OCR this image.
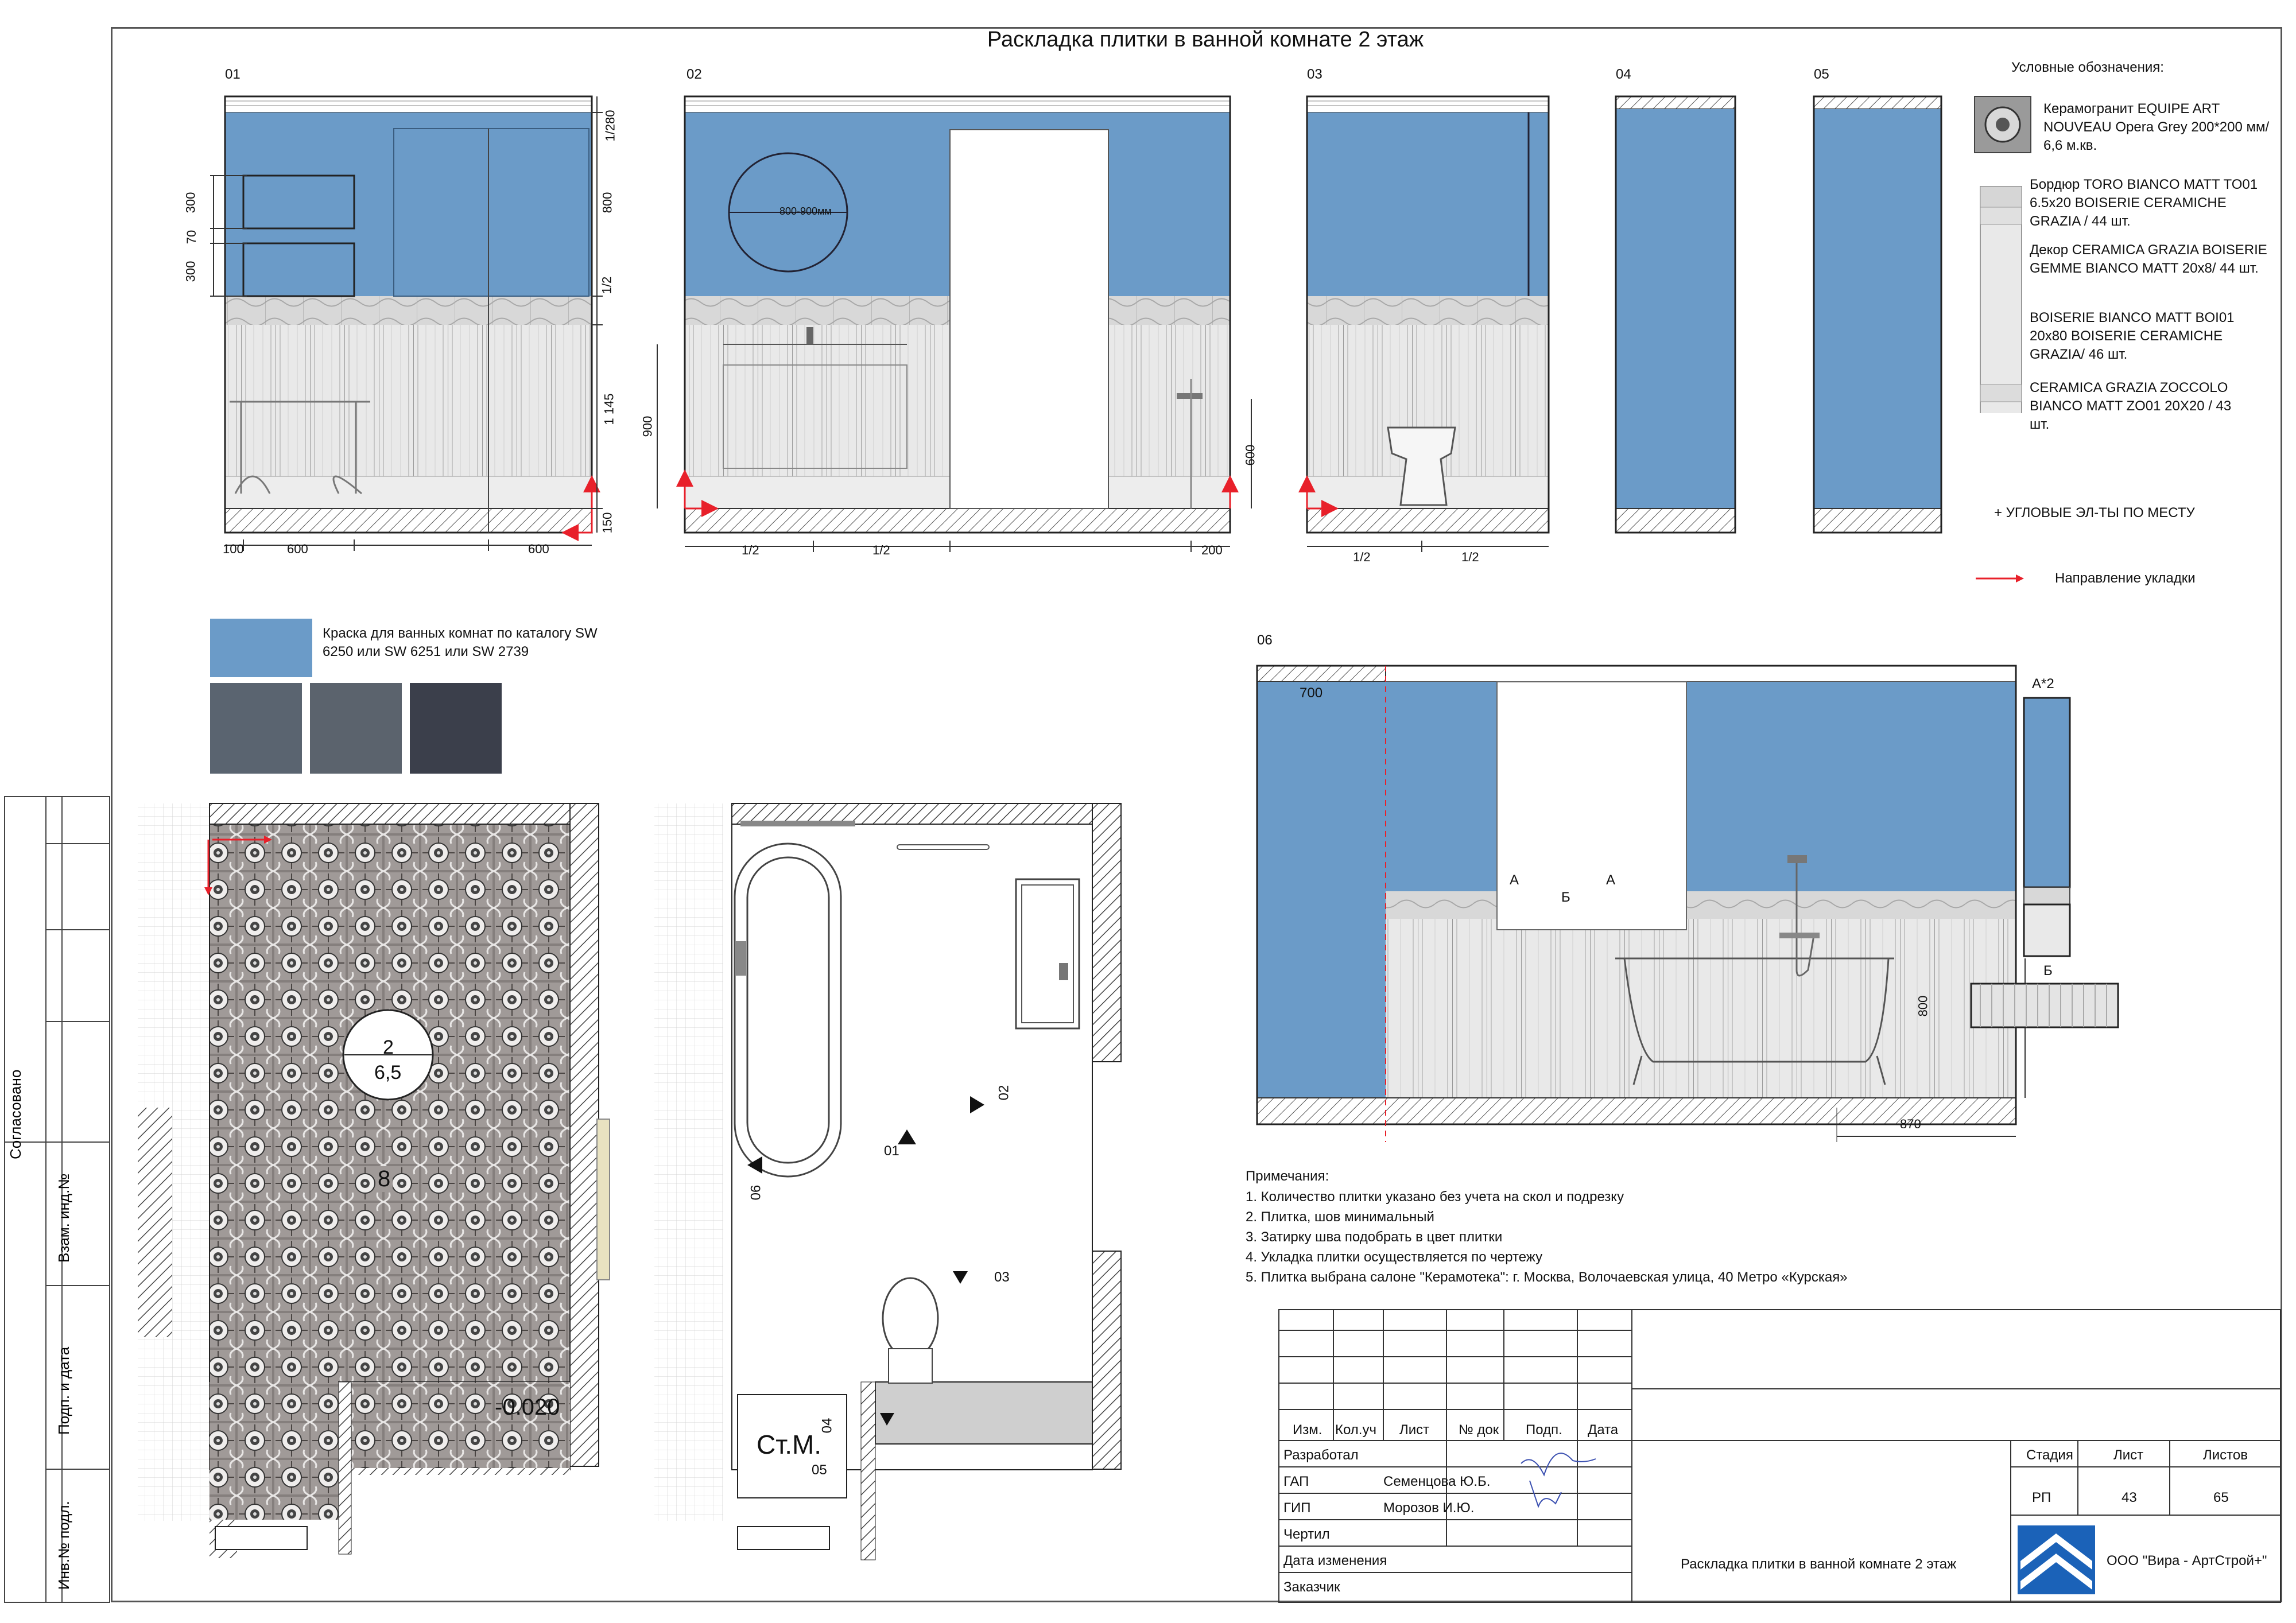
Раскладка плитки в ванной комнате 2 этаж
Согласовано
Взам. инд.№
Подп. и дата
Инв.№ подл.
01	02	03	04	05
1/280
800
1/2
1 145
150
300
70
300
100	600	600
800-900мм
900
600
1/2	1/2	200	1/2	1/2
Условные обозначения:
Керамогранит EQUIPE ART NOUVEAU Opera Grey 200*200 мм/ 6,6 м.кв.
Бордюр TORO BIANCO MATT TO01 6.5x20 BOISERIE CERAMICHE GRAZIA / 44 шт.
Декор CERAMICA GRAZIA BOISERIE GEMME BIANCO MATT 20x8/ 44 шт.
BOISERIE BIANCO MATT BOI01 20x80 BOISERIE CERAMICHE GRAZIA/ 46 шт.
CERAMICA GRAZIA ZOCCOLO BIANCO MATT ZO01 20X20 / 43 шт.
+ УГЛОВЫЕ ЭЛ-ТЫ ПО МЕСТУ
Направление укладки
Краска для ванных комнат по каталогу SW 6250 или SW 6251 или SW 2739
06
700
А
Б
А
800
870
А*2
Б
2
6,5
8
-0.020
01
02
03
04
05
06
Ст.М.
Примечания:
1. Количество плитки указано без учета на скол и подрезку
2. Плитка, шов минимальный
3. Затирку шва подобрать в цвет плитки
4. Укладка плитки осуществляется по чертежу
5. Плитка выбрана салоне "Керамотека": г. Москва, Волочаевская улица, 40 Метро «Курская»
Изм. Кол.уч Лист № док Подп. Дата
Разработал
ГАП	Семенцова Ю.Б.
ГИП	Морозов И.Ю.
Чертил
Дата изменения
Заказчик
Стадия	Лист	Листов
РП	43	65
Раскладка плитки в ванной комнате 2 этаж	ООО "Вира - АртСтрой+"
